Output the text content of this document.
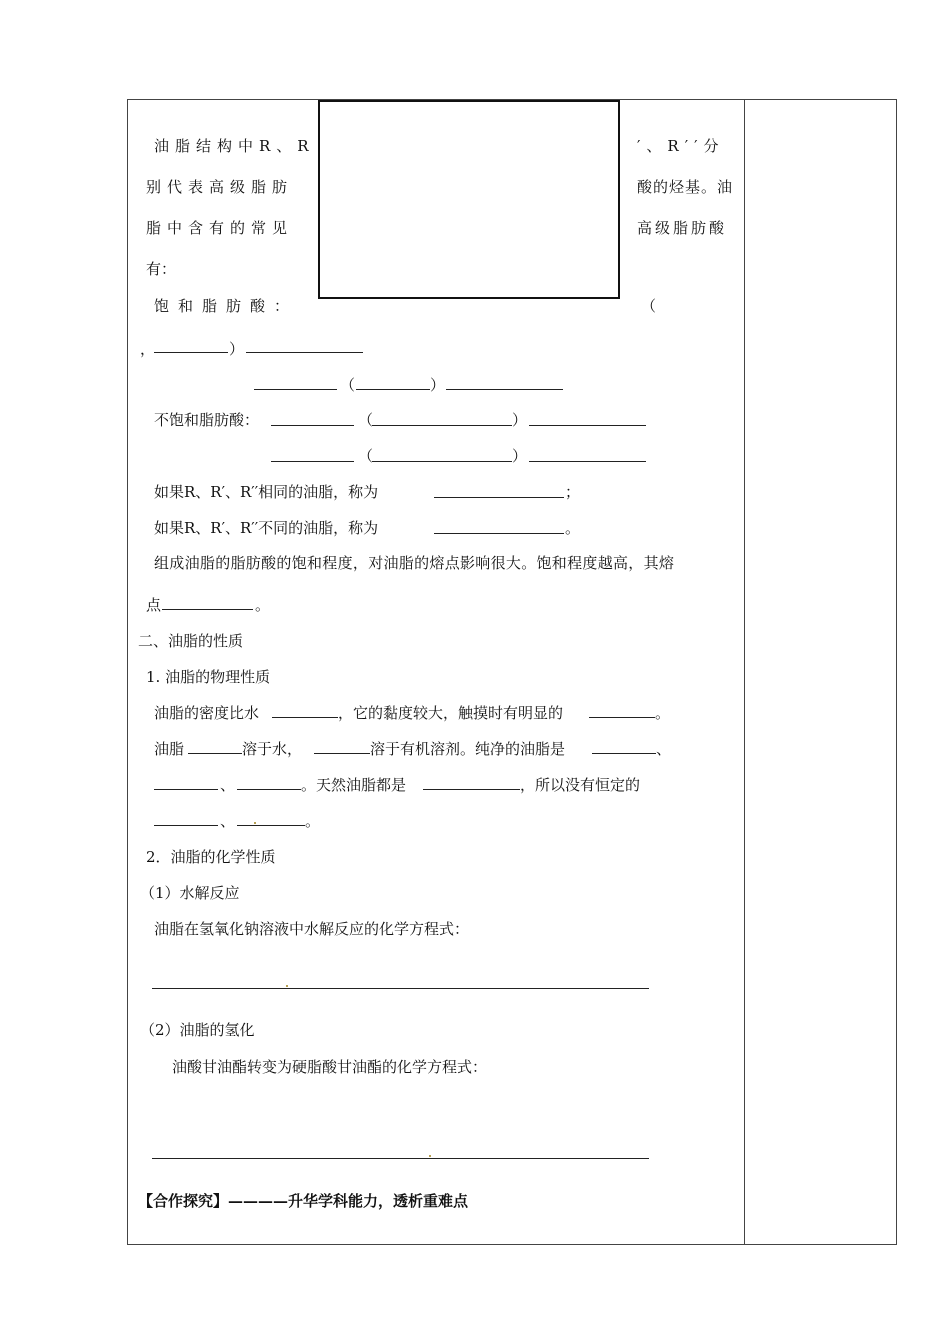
油脂结构中R、R	′、R′′分
别代表高级脂肪	酸的烃基。油
脂中含有的常见	高级脂肪酸
有：
饱和脂肪酸：	（
，	）
（	）
不饱和脂肪酸：	（	）
（	）
如果R、R′、R′′相同的油脂，称为	；
如果R、R′、R′′不同的油脂，称为	。
组成油脂的脂肪酸的饱和程度，对油脂的熔点影响很大。饱和程度越高，其熔
点	。
二、油脂的性质
1. 油脂的物理性质
油脂的密度比水	，它的黏度较大，触摸时有明显的	。
油脂	溶于水，	溶于有机溶剂。纯净的油脂是	、
、	。天然油脂都是	，所以没有恒定的
、	。
2．油脂的化学性质
（1）水解反应
油脂在氢氧化钠溶液中水解反应的化学方程式：
（2）油脂的氢化
油酸甘油酯转变为硬脂酸甘油酯的化学方程式：
【合作探究】————升华学科能力，透析重难点
